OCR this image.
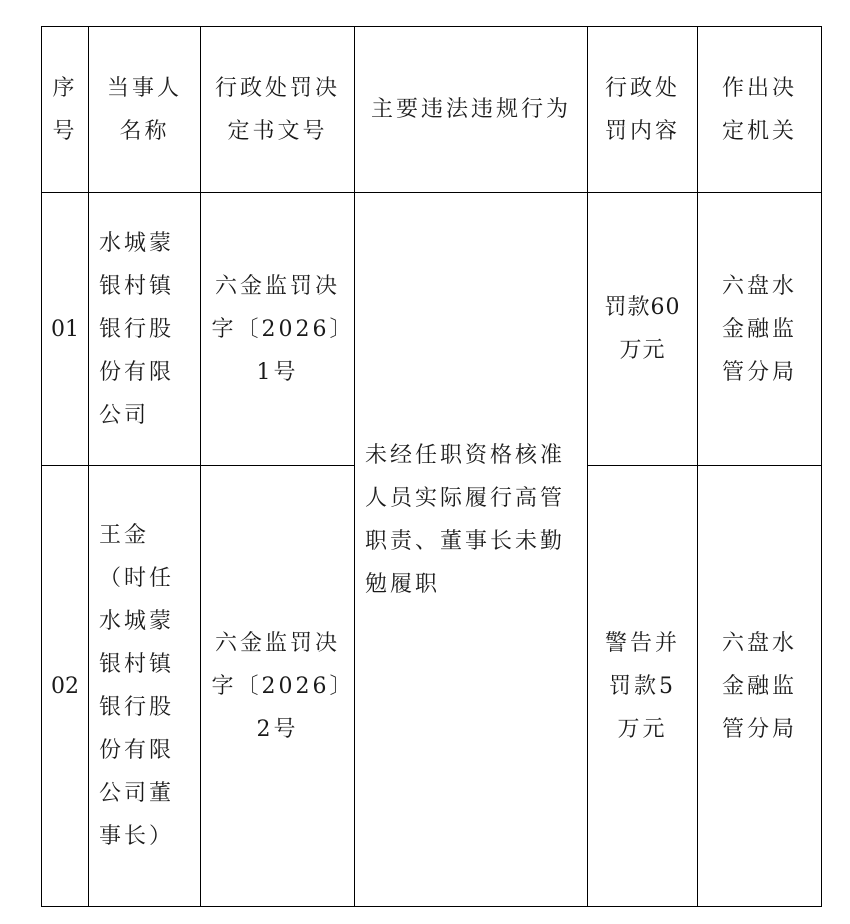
序号	当事人名称	行政处罚决定书文号	主要违法违规行为	行政处罚内容	作出决定机关

01	水城蒙银村镇银行股份有限公司	六金监罚决字〔2026〕1号	未经任职资格核准人员实际履行高管职责、董事长未勤勉履职	罚款60万元	六盘水金融监管分局

02	王金（时任水城蒙银村镇银行股份有限公司董事长）	六金监罚决字〔2026〕2号		警告并罚款5万元	六盘水金融监管分局
